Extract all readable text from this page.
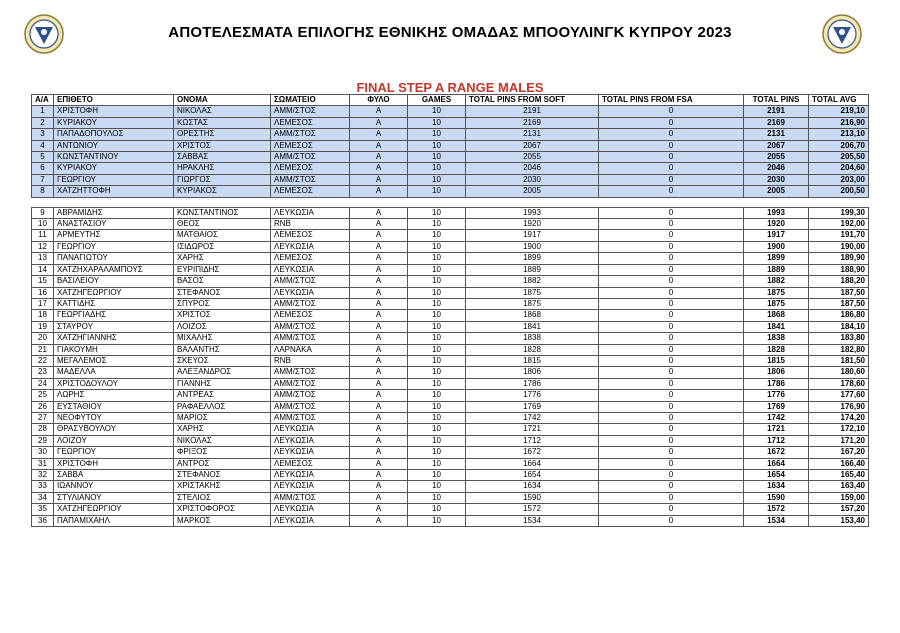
ΑΠΟΤΕΛΕΣΜΑΤΑ ΕΠΙΛΟΓΗΣ ΕΘΝΙΚΗΣ ΟΜΑΔΑΣ ΜΠΟΟΥΛΙΝΓΚ ΚΥΠΡΟΥ 2023
FINAL STEP A RANGE MALES
A/A	ΕΠΙΘΕΤΟ	ΟΝΟΜΑ	ΣΩΜΑΤΕΙΟ	ΦΥΛΟ	GAMES	TOTAL PINS FROM SOFT	TOTAL PINS FROM FSA	TOTAL PINS	TOTAL AVG
1	ΧΡΙΣΤΟΦΗ	ΝΙΚΟΛΑΣ	ΑΜΜ/ΣΤΟΣ	Α	10	2191	0	2191	219,10
2	ΚΥΡΙΑΚΟΥ	ΚΩΣΤΑΣ	ΛΕΜΕΣΟΣ	Α	10	2169	0	2169	216,90
3	ΠΑΠΑΔΟΠΟΥΛΟΣ	ΟΡΕΣΤΗΣ	ΑΜΜ/ΣΤΟΣ	Α	10	2131	0	2131	213,10
4	ΑΝΤΩΝΙΟΥ	ΧΡΙΣΤΟΣ	ΛΕΜΕΣΟΣ	Α	10	2067	0	2067	206,70
5	ΚΩΝΣΤΑΝΤΙΝΟΥ	ΣΑΒΒΑΣ	ΑΜΜ/ΣΤΟΣ	Α	10	2055	0	2055	205,50
6	ΚΥΡΙΑΚΟΥ	ΗΡΑΚΛΗΣ	ΛΕΜΕΣΟΣ	Α	10	2046	0	2046	204,60
7	ΓΕΩΡΓΙΟΥ	ΓΙΩΡΓΟΣ	ΑΜΜ/ΣΤΟΣ	Α	10	2030	0	2030	203,00
8	ΧΑΤΖΗΤΤΟΦΗ	ΚΥΡΙΑΚΟΣ	ΛΕΜΕΣΟΣ	Α	10	2005	0	2005	200,50

9	ΑΒΡΑΜΙΔΗΣ	ΚΩΝΣΤΑΝΤΙΝΟΣ	ΛΕΥΚΩΣΙΑ	Α	10	1993	0	1993	199,30
10	ΑΝΑΣΤΑΣΙΟΥ	ΘΕΟΣ	RNB	Α	10	1920	0	1920	192,00
11	ΑΡΜΕΥΤΗΣ	ΜΑΤΘΑΙΟΣ	ΛΕΜΕΣΟΣ	Α	10	1917	0	1917	191,70
12	ΓΕΩΡΓΙΟΥ	ΙΣΙΔΩΡΟΣ	ΛΕΥΚΩΣΙΑ	Α	10	1900	0	1900	190,00
13	ΠΑΝΑΓΙΩΤΟΥ	ΧΑΡΗΣ	ΛΕΜΕΣΟΣ	Α	10	1899	0	1899	189,90
14	ΧΑΤΖΗΧΑΡΑΛΑΜΠΟΥΣ	ΕΥΡΙΠΙΔΗΣ	ΛΕΥΚΩΣΙΑ	Α	10	1889	0	1889	188,90
15	ΒΑΣΙΛΕΙΟΥ	ΒΑΣΟΣ	ΑΜΜ/ΣΤΟΣ	Α	10	1882	0	1882	188,20
16	ΧΑΤΖΗΓΕΩΡΓΙΟΥ	ΣΤΕΦΑΝΟΣ	ΛΕΥΚΩΣΙΑ	Α	10	1875	0	1875	187,50
17	ΚΑΤΤΙΔΗΣ	ΣΠΥΡΟΣ	ΑΜΜ/ΣΤΟΣ	Α	10	1875	0	1875	187,50
18	ΓΕΩΡΓΙΑΔΗΣ	ΧΡΙΣΤΟΣ	ΛΕΜΕΣΟΣ	Α	10	1868	0	1868	186,80
19	ΣΤΑΥΡΟΥ	ΛΟΙΖΟΣ	ΑΜΜ/ΣΤΟΣ	Α	10	1841	0	1841	184,10
20	ΧΑΤΖΗΓΙΑΝΝΗΣ	ΜΙΧΑΛΗΣ	ΑΜΜ/ΣΤΟΣ	Α	10	1838	0	1838	183,80
21	ΓΙΑΚΟΥΜΗ	ΒΑΛΑΝΤΗΣ	ΛΑΡΝΑΚΑ	Α	10	1828	0	1828	182,80
22	ΜΕΓΑΛΕΜΟΣ	ΣΚΕΥΟΣ	RNB	Α	10	1815	0	1815	181,50
23	ΜΑΔΕΛΛΑ	ΑΛΕΞΑΝΔΡΟΣ	ΑΜΜ/ΣΤΟΣ	Α	10	1806	0	1806	180,60
24	ΧΡΙΣΤΟΔΟΥΛΟΥ	ΓΙΑΝΝΗΣ	ΑΜΜ/ΣΤΟΣ	Α	10	1786	0	1786	178,60
25	ΛΩΡΗΣ	ΑΝΤΡΕΑΣ	ΑΜΜ/ΣΤΟΣ	Α	10	1776	0	1776	177,60
26	ΕΥΣΤΑΘΙΟΥ	ΡΑΦΑΕΛΛΟΣ	ΑΜΜ/ΣΤΟΣ	Α	10	1769	0	1769	176,90
27	ΝΕΟΦΥΤΟΥ	ΜΑΡΙΟΣ	ΑΜΜ/ΣΤΟΣ	Α	10	1742	0	1742	174,20
28	ΘΡΑΣΥΒΟΥΛΟΥ	ΧΑΡΗΣ	ΛΕΥΚΩΣΙΑ	Α	10	1721	0	1721	172,10
29	ΛΟΙΖΟΥ	ΝΙΚΟΛΑΣ	ΛΕΥΚΩΣΙΑ	Α	10	1712	0	1712	171,20
30	ΓΕΩΡΓΙΟΥ	ΦΡΙΞΟΣ	ΛΕΥΚΩΣΙΑ	Α	10	1672	0	1672	167,20
31	ΧΡΙΣΤΟΦΗ	ΑΝΤΡΟΣ	ΛΕΜΕΣΟΣ	Α	10	1664	0	1664	166,40
32	ΣΑΒΒΑ	ΣΤΕΦΑΝΟΣ	ΛΕΥΚΩΣΙΑ	Α	10	1654	0	1654	165,40
33	ΙΩΑΝΝΟΥ	ΧΡΙΣΤΑΚΗΣ	ΛΕΥΚΩΣΙΑ	Α	10	1634	0	1634	163,40
34	ΣΤΥΛΙΑΝΟΥ	ΣΤΕΛΙΟΣ	ΑΜΜ/ΣΤΟΣ	Α	10	1590	0	1590	159,00
35	ΧΑΤΖΗΓΕΩΡΓΙΟΥ	ΧΡΙΣΤΟΦΟΡΟΣ	ΛΕΥΚΩΣΙΑ	Α	10	1572	0	1572	157,20
36	ΠΑΠΑΜΙΧΑΗΛ	ΜΑΡΚΟΣ	ΛΕΥΚΩΣΙΑ	Α	10	1534	0	1534	153,40
